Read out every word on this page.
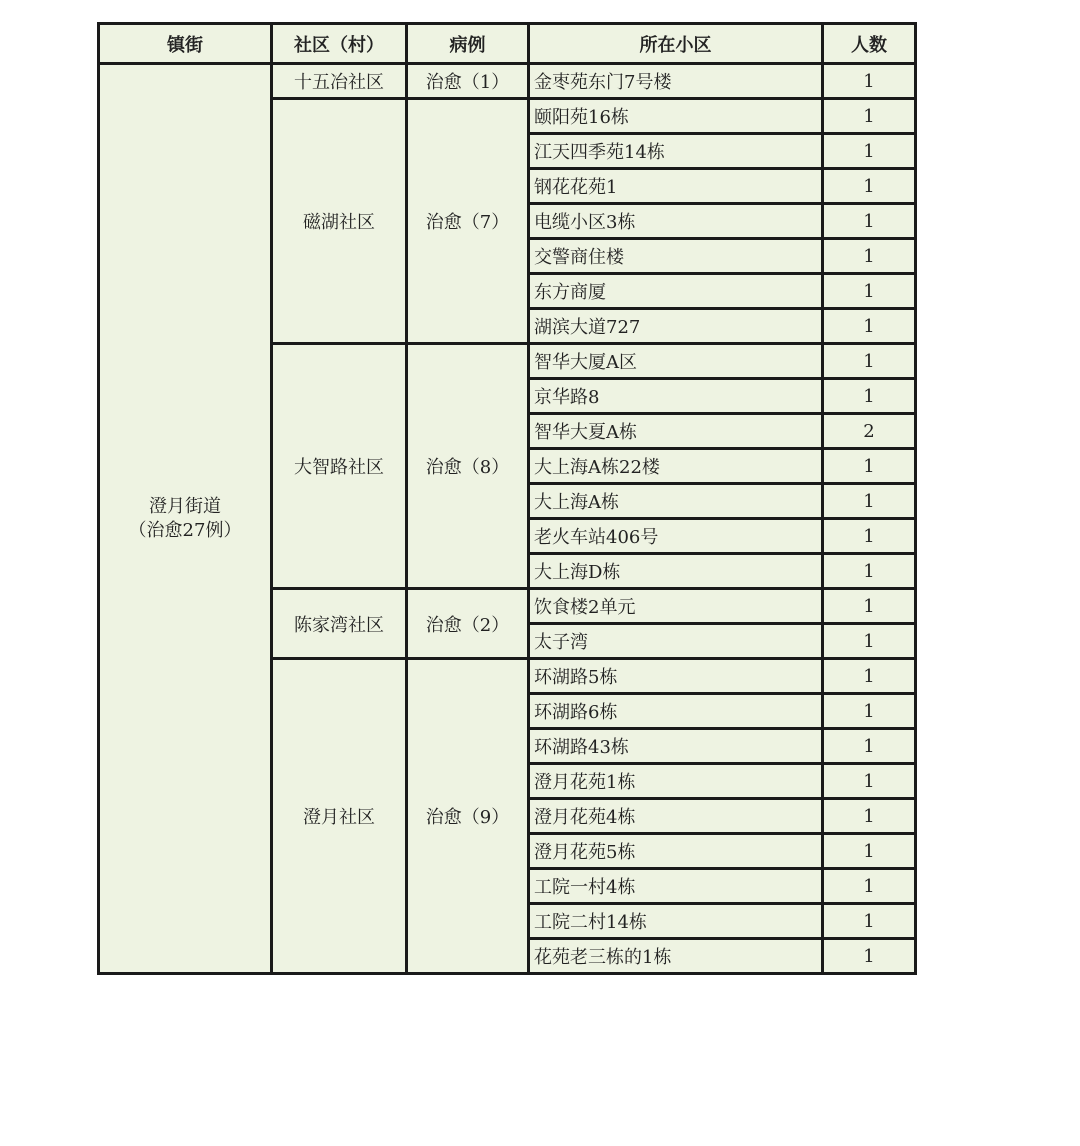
镇街	社区（村）	病例	所在小区	人数

澄月街道
（治愈27例）	十五冶社区	治愈（1）	金枣苑东门7号楼	1
	磁湖社区	治愈（7）	颐阳苑16栋	1
			江天四季苑14栋	1
			钢花花苑1	1
			电缆小区3栋	1
			交警商住楼	1
			东方商厦	1
			湖滨大道727	1
	大智路社区	治愈（8）	智华大厦A区	1
			京华路8	1
			智华大夏A栋	2
			大上海A栋22楼	1
			大上海A栋	1
			老火车站406号	1
			大上海D栋	1
	陈家湾社区	治愈（2）	饮食楼2单元	1
			太子湾	1
	澄月社区	治愈（9）	环湖路5栋	1
			环湖路6栋	1
			环湖路43栋	1
			澄月花苑1栋	1
			澄月花苑4栋	1
			澄月花苑5栋	1
			工院一村4栋	1
			工院二村14栋	1
			花苑老三栋的1栋	1
